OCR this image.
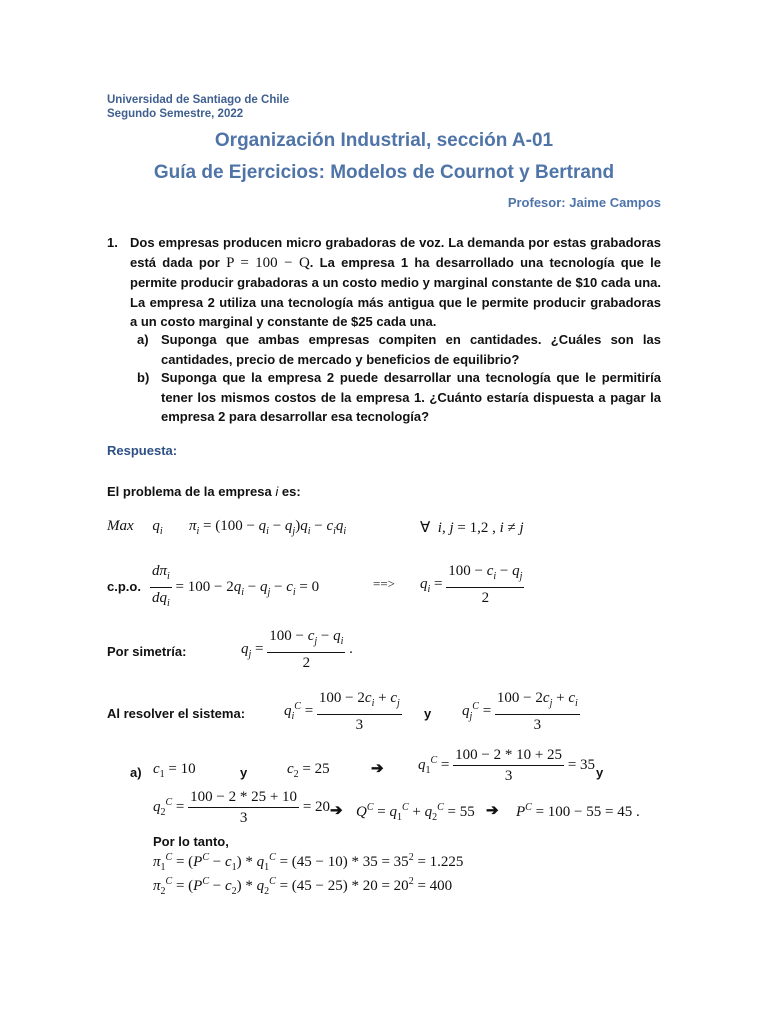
Universidad de Santiago de Chile
Segundo Semestre, 2022
Organización Industrial, sección A-01
Guía de Ejercicios: Modelos de Cournot y Bertrand
Profesor: Jaime Campos
1. Dos empresas producen micro grabadoras de voz. La demanda por estas grabadoras está dada por P = 100 − Q. La empresa 1 ha desarrollado una tecnología que le permite producir grabadoras a un costo medio y marginal constante de $10 cada una. La empresa 2 utiliza una tecnología más antigua que le permite producir grabadoras a un costo marginal y constante de $25 cada una.

a) Suponga que ambas empresas compiten en cantidades. ¿Cuáles son las cantidades, precio de mercado y beneficios de equilibrio?

b) Suponga que la empresa 2 puede desarrollar una tecnología que le permitiría tener los mismos costos de la empresa 1. ¿Cuánto estaría dispuesta a pagar la empresa 2 para desarrollar esa tecnología?

Respuesta:
El problema de la empresa i es:
Max $q_i$ $\pi_i = (100 - q_i - q_j)q_i - c_iq_i$	∀  i, j = 1,2 , i ≠ j
c.p.o. $\frac{d\pi_i}{dq_i} = 100 - 2q_i - q_j - c_i = 0$	==> $q_i = \frac{100 - c_i - q_j}{2}$
Por simetría:	$q_j = \frac{100 - c_j - q_i}{2}$ .
Al resolver el sistema:	$q_i^C = \frac{100 - 2c_i + c_j}{3}$ y $q_j^C = \frac{100 - 2c_j + c_i}{3}$
a) $c_1 = 10$	y	$c_2 = 25$	➔ $q_1^C = \frac{100 - 2 * 10 + 25}{3} = 35$ y
$q_2^C = \frac{100 - 2 * 25 + 10}{3} = 20$ ➔ $Q^C = q_1^C + q_2^C = 55$ ➔ $P^C = 100 - 55 = 45$ .
Por lo tanto,
$\pi_1^C = (P^C - c_1) * q_1^C = (45 - 10) * 35 = 35^2 = 1.225$
$\pi_2^C = (P^C - c_2) * q_2^C = (45 - 25) * 20 = 20^2 = 400$
